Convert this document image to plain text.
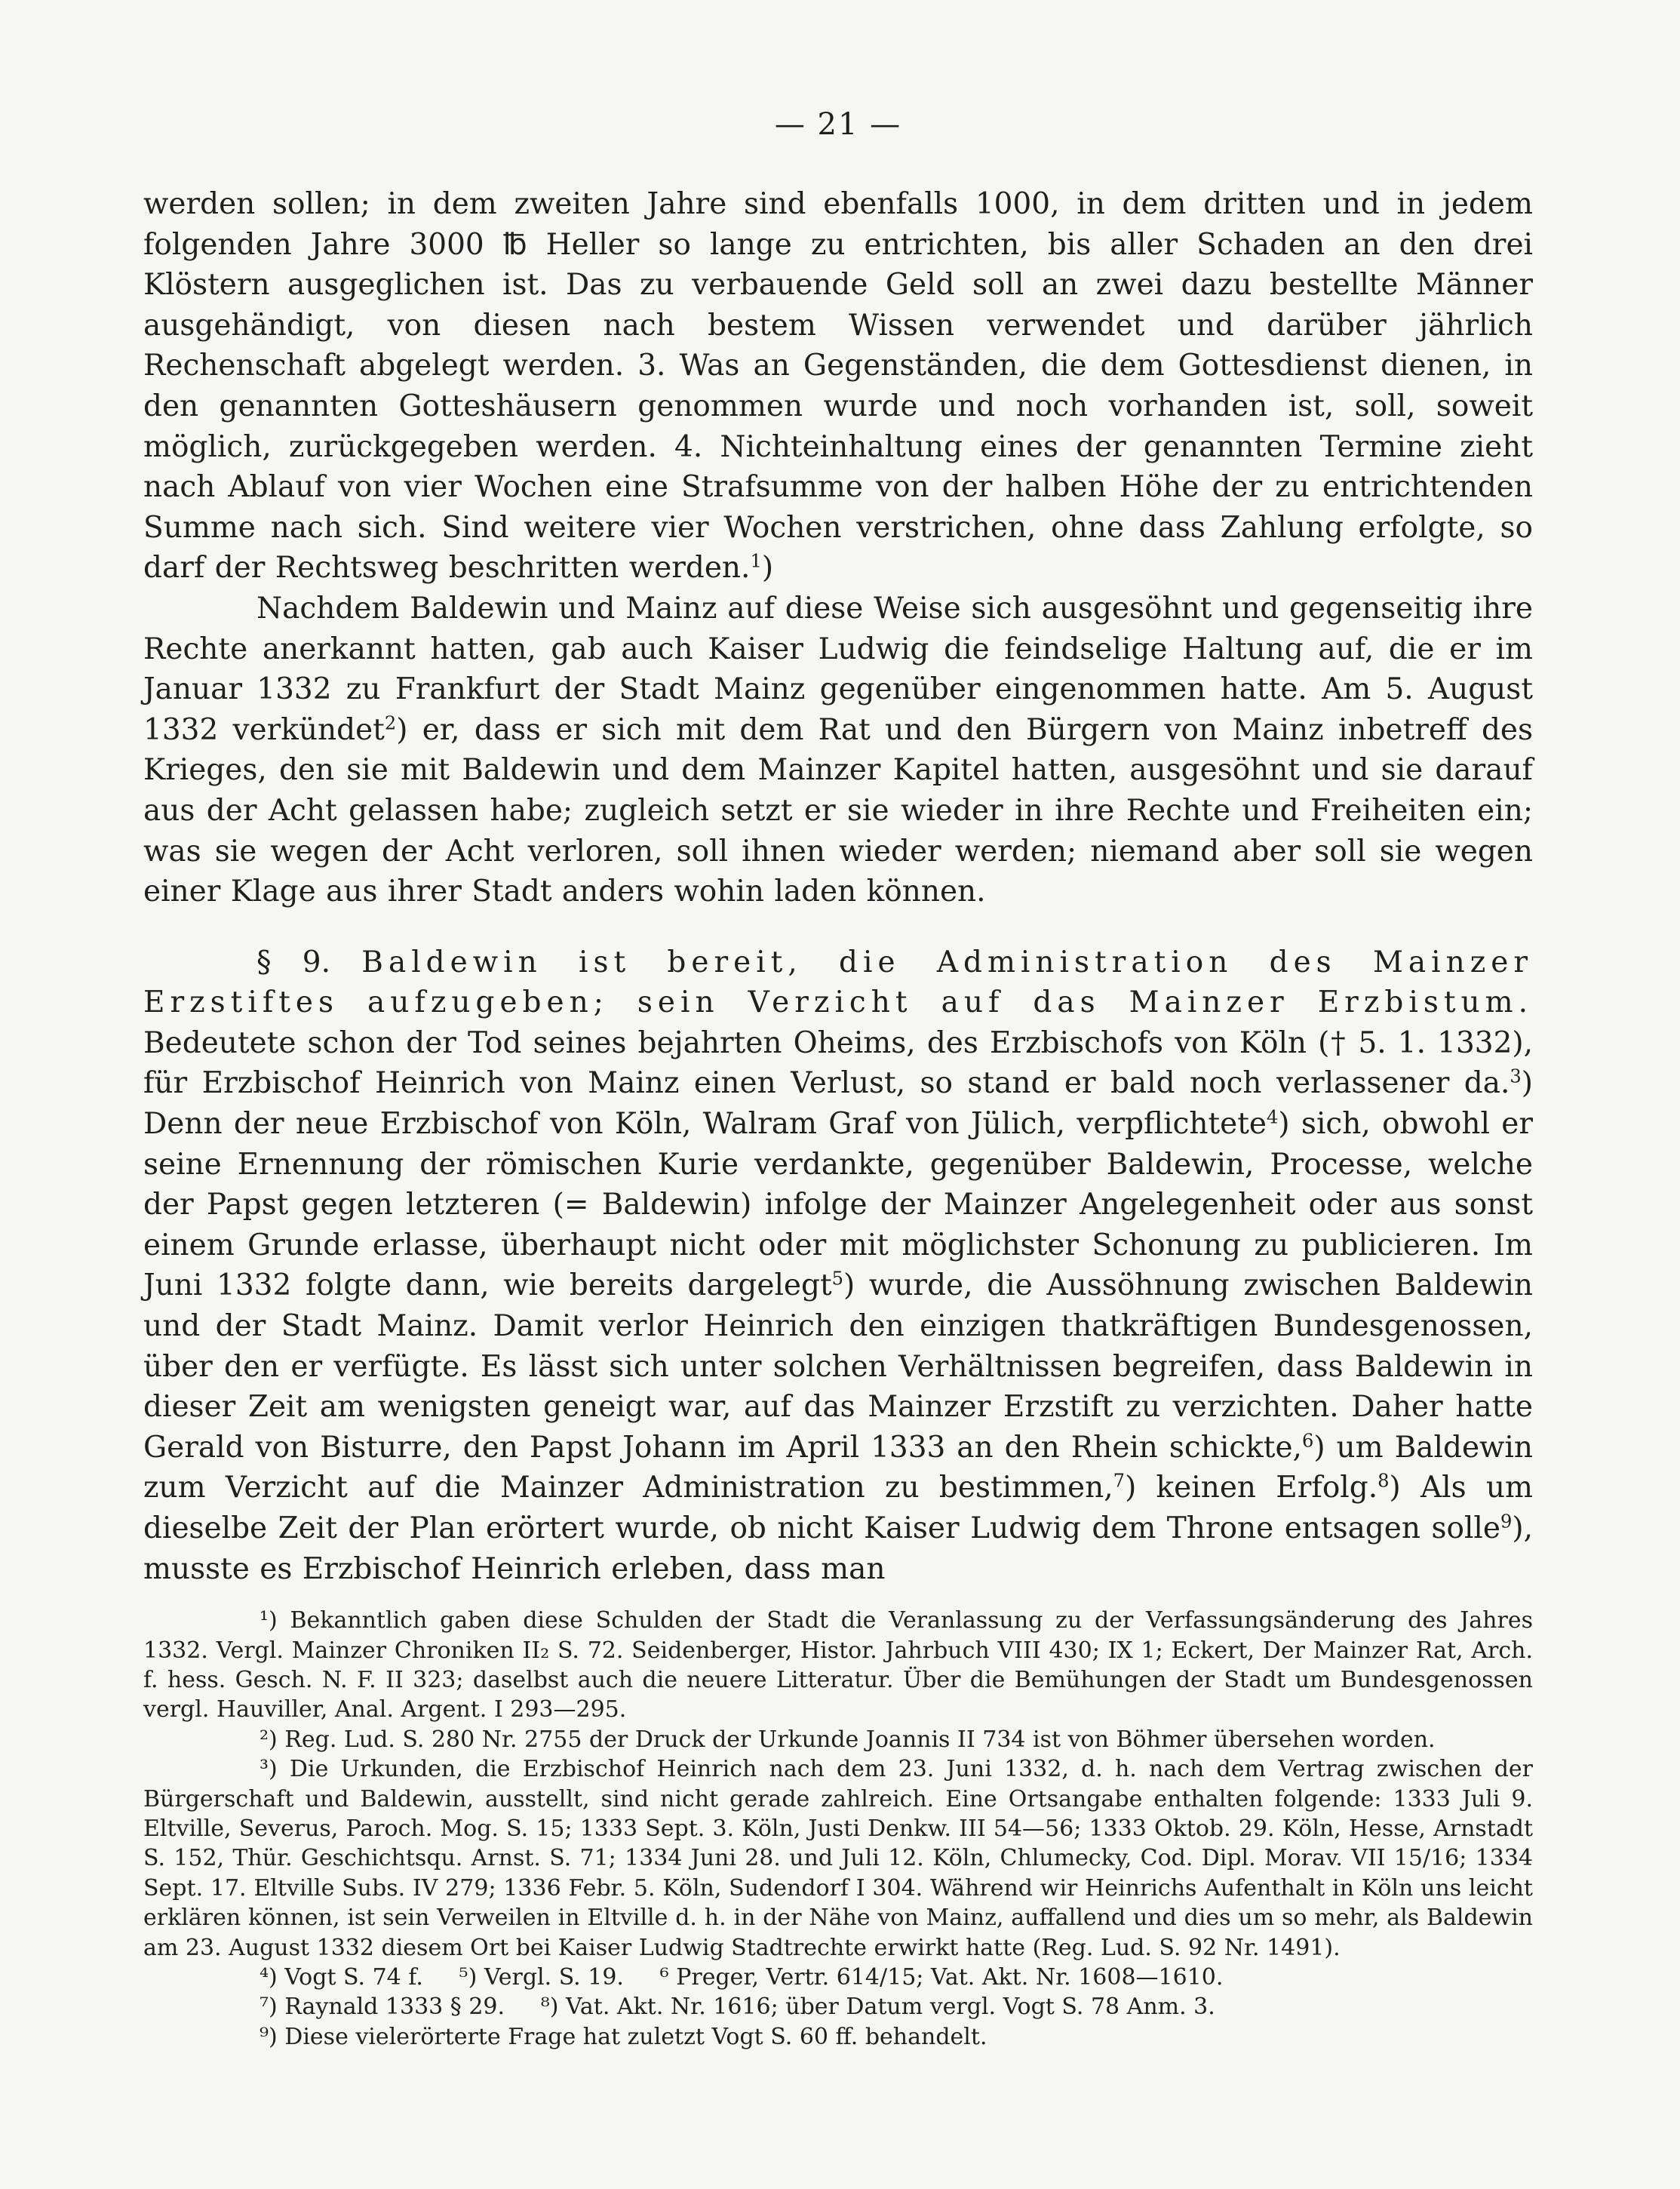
— 21 —

werden sollen; in dem zweiten Jahre sind ebenfalls 1000, in dem dritten und in jedem folgenden Jahre 3000 ℔ Heller so lange zu entrichten, bis aller Schaden an den drei Klöstern ausgeglichen ist. Das zu verbauende Geld soll an zwei dazu bestellte Männer ausgehändigt, von diesen nach bestem Wissen verwendet und darüber jährlich Rechenschaft abgelegt werden. 3. Was an Gegenständen, die dem Gottesdienst dienen, in den genannten Gotteshäusern genommen wurde und noch vorhanden ist, soll, soweit möglich, zurückgegeben werden. 4. Nichteinhaltung eines der genannten Termine zieht nach Ablauf von vier Wochen eine Strafsumme von der halben Höhe der zu entrichtenden Summe nach sich. Sind weitere vier Wochen verstrichen, ohne dass Zahlung erfolgte, so darf der Rechtsweg beschritten werden.$^1$)

Nachdem Baldewin und Mainz auf diese Weise sich ausgesöhnt und gegenseitig ihre Rechte anerkannt hatten, gab auch Kaiser Ludwig die feindselige Haltung auf, die er im Januar 1332 zu Frankfurt der Stadt Mainz gegenüber eingenommen hatte. Am 5. August 1332 verkündet$^2$) er, dass er sich mit dem Rat und den Bürgern von Mainz inbetreff des Krieges, den sie mit Baldewin und dem Mainzer Kapitel hatten, ausgesöhnt und sie darauf aus der Acht gelassen habe; zugleich setzt er sie wieder in ihre Rechte und Freiheiten ein; was sie wegen der Acht verloren, soll ihnen wieder werden; niemand aber soll sie wegen einer Klage aus ihrer Stadt anders wohin laden können.

§ 9. Baldewin ist bereit, die Administration des Mainzer Erzstiftes aufzugeben; sein Verzicht auf das Mainzer Erzbistum. Bedeutete schon der Tod seines bejahrten Oheims, des Erzbischofs von Köln († 5. 1. 1332), für Erzbischof Heinrich von Mainz einen Verlust, so stand er bald noch verlassener da.$^3$) Denn der neue Erzbischof von Köln, Walram Graf von Jülich, verpflichtete$^4$) sich, obwohl er seine Ernennung der römischen Kurie verdankte, gegenüber Baldewin, Processe, welche der Papst gegen letzteren (= Baldewin) infolge der Mainzer Angelegenheit oder aus sonst einem Grunde erlasse, überhaupt nicht oder mit möglichster Schonung zu publicieren. Im Juni 1332 folgte dann, wie bereits dargelegt$^5$) wurde, die Aussöhnung zwischen Baldewin und der Stadt Mainz. Damit verlor Heinrich den einzigen thatkräftigen Bundesgenossen, über den er verfügte. Es lässt sich unter solchen Verhältnissen begreifen, dass Baldewin in dieser Zeit am wenigsten geneigt war, auf das Mainzer Erzstift zu verzichten. Daher hatte Gerald von Bisturre, den Papst Johann im April 1333 an den Rhein schickte,$^6$) um Baldewin zum Verzicht auf die Mainzer Administration zu bestimmen,$^7$) keinen Erfolg.$^8$) Als um dieselbe Zeit der Plan erörtert wurde, ob nicht Kaiser Ludwig dem Throne entsagen solle$^9$), musste es Erzbischof Heinrich erleben, dass man

¹) Bekanntlich gaben diese Schulden der Stadt die Veranlassung zu der Verfassungsänderung des Jahres 1332. Vergl. Mainzer Chroniken II₂ S. 72. Seidenberger, Histor. Jahrbuch VIII 430; IX 1; Eckert, Der Mainzer Rat, Arch. f. hess. Gesch. N. F. II 323; daselbst auch die neuere Litteratur. Über die Bemühungen der Stadt um Bundesgenossen vergl. Hauviller, Anal. Argent. I 293—295.

²) Reg. Lud. S. 280 Nr. 2755 der Druck der Urkunde Joannis II 734 ist von Böhmer übersehen worden.

³) Die Urkunden, die Erzbischof Heinrich nach dem 23. Juni 1332, d. h. nach dem Vertrag zwischen der Bürgerschaft und Baldewin, ausstellt, sind nicht gerade zahlreich. Eine Ortsangabe enthalten folgende: 1333 Juli 9. Eltville, Severus, Paroch. Mog. S. 15; 1333 Sept. 3. Köln, Justi Denkw. III 54—56; 1333 Oktob. 29. Köln, Hesse, Arnstadt S. 152, Thür. Geschichtsqu. Arnst. S. 71; 1334 Juni 28. und Juli 12. Köln, Chlumecky, Cod. Dipl. Morav. VII 15/16; 1334 Sept. 17. Eltville Subs. IV 279; 1336 Febr. 5. Köln, Sudendorf I 304. Während wir Heinrichs Aufenthalt in Köln uns leicht erklären können, ist sein Verweilen in Eltville d. h. in der Nähe von Mainz, auffallend und dies um so mehr, als Baldewin am 23. August 1332 diesem Ort bei Kaiser Ludwig Stadtrechte erwirkt hatte (Reg. Lud. S. 92 Nr. 1491).

⁴) Vogt S. 74 f.     ⁵) Vergl. S. 19.     ⁶ Preger, Vertr. 614/15; Vat. Akt. Nr. 1608—1610.

⁷) Raynald 1333 § 29.     ⁸) Vat. Akt. Nr. 1616; über Datum vergl. Vogt S. 78 Anm. 3.

⁹) Diese vielerörterte Frage hat zuletzt Vogt S. 60 ff. behandelt.
